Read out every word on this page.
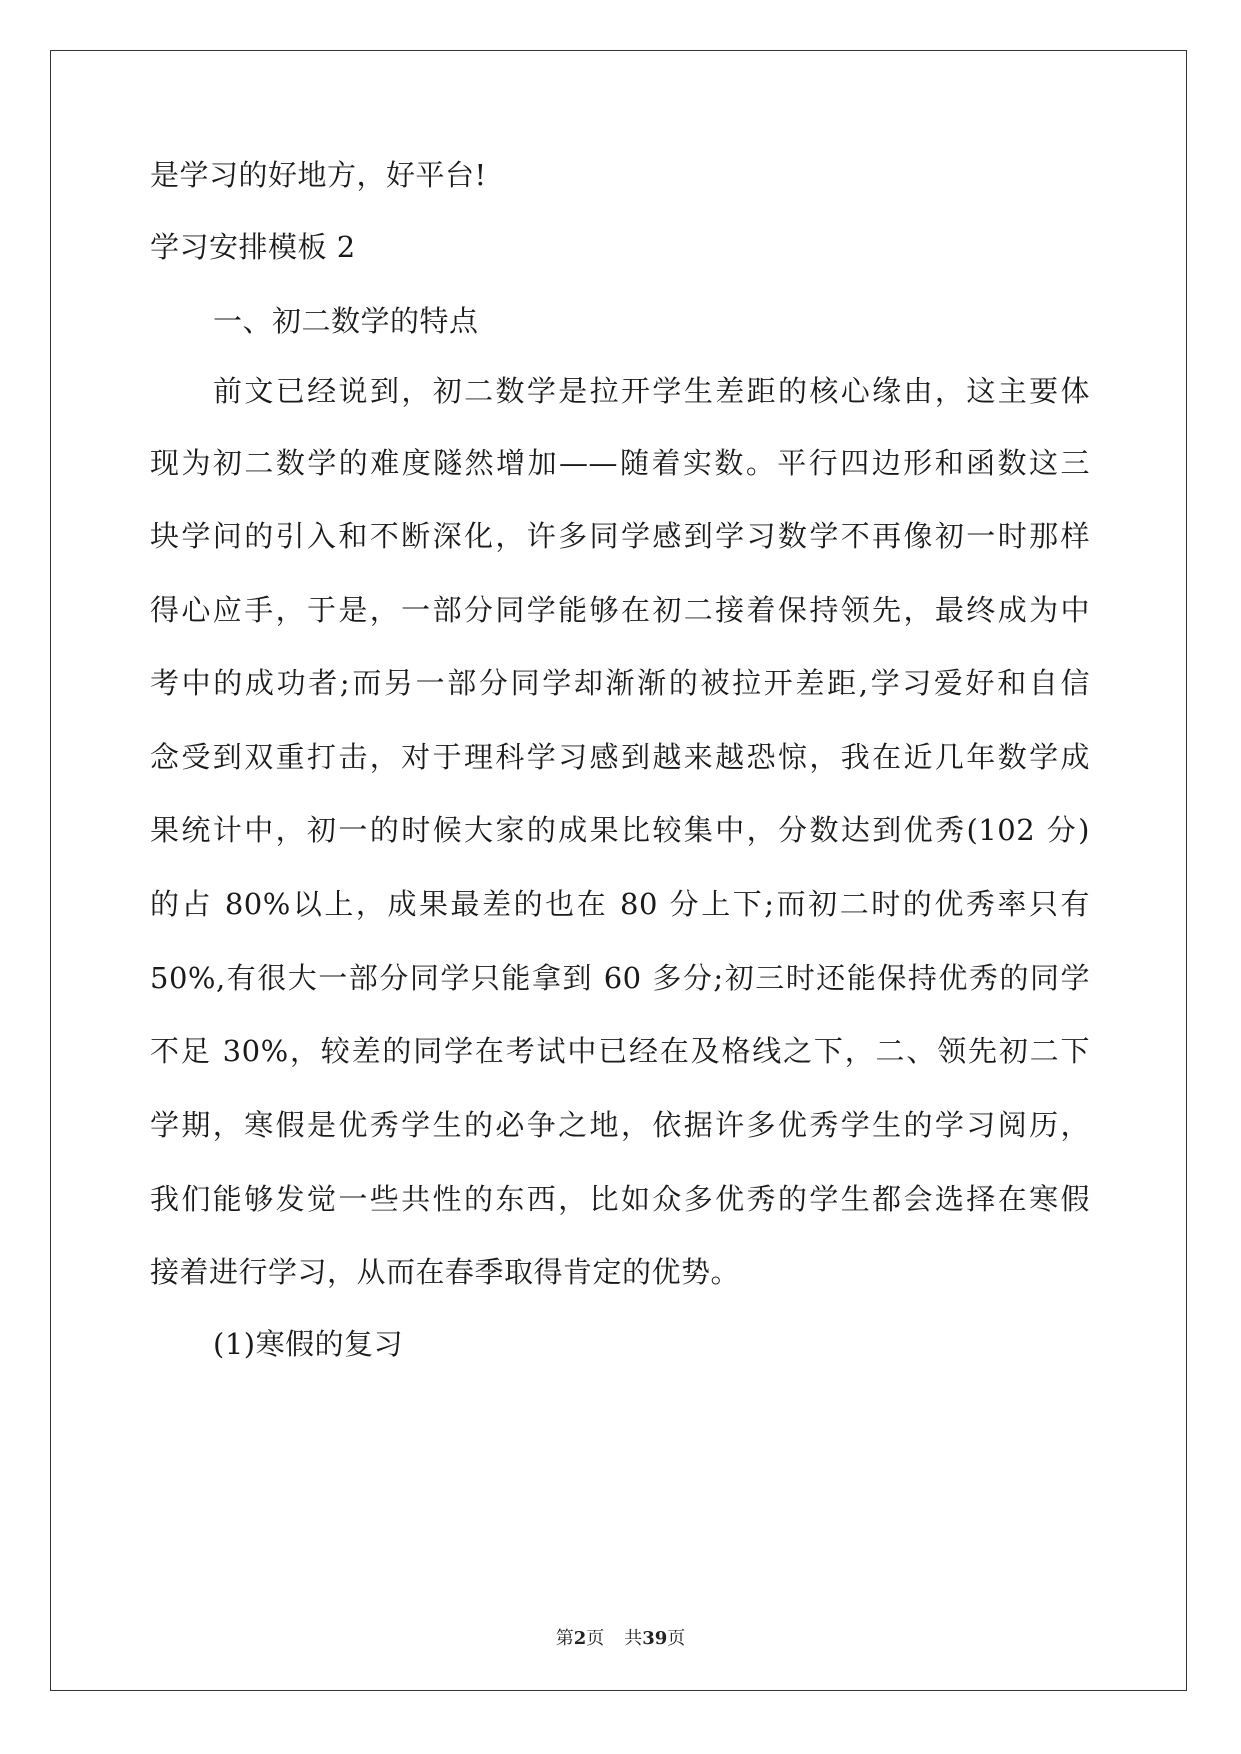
是学习的好地方，好平台!
学习安排模板 2
一、初二数学的特点
前文已经说到，初二数学是拉开学生差距的核心缘由，这主要体
现为初二数学的难度隧然增加——随着实数。平行四边形和函数这三
块学问的引入和不断深化，许多同学感到学习数学不再像初一时那样
得心应手，于是，一部分同学能够在初二接着保持领先，最终成为中
考中的成功者;而另一部分同学却渐渐的被拉开差距,学习爱好和自信
念受到双重打击，对于理科学习感到越来越恐惊，我在近几年数学成
果统计中，初一的时候大家的成果比较集中，分数达到优秀(102 分)
的占 80%以上，成果最差的也在 80 分上下;而初二时的优秀率只有
50%,有很大一部分同学只能拿到 60 多分;初三时还能保持优秀的同学
不足 30%，较差的同学在考试中已经在及格线之下，二、领先初二下
学期，寒假是优秀学生的必争之地，依据许多优秀学生的学习阅历，
我们能够发觉一些共性的东西，比如众多优秀的学生都会选择在寒假
接着进行学习，从而在春季取得肯定的优势。
(1)寒假的复习
第2页 共39页
